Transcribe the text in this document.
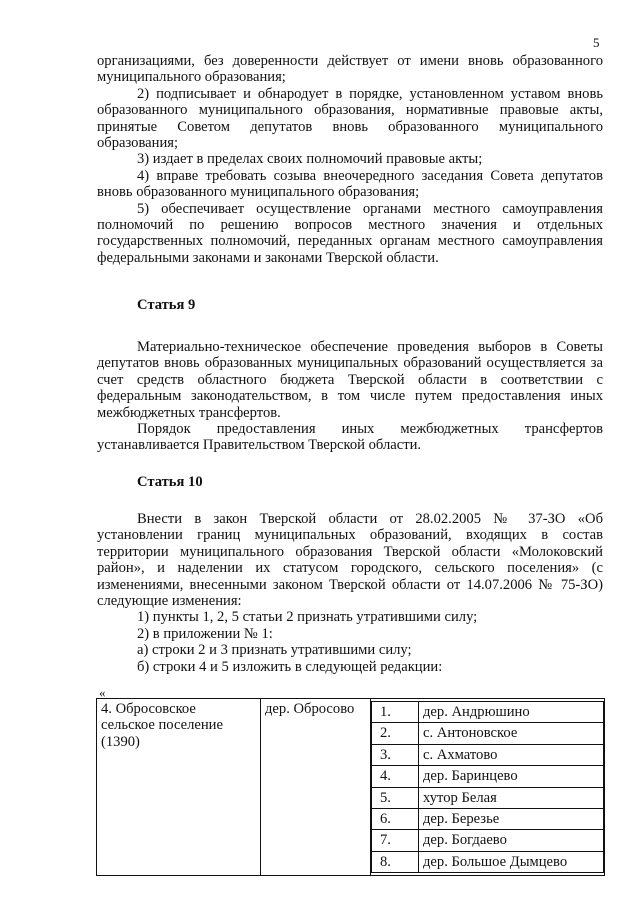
5

организациями, без доверенности действует от имени вновь образованного муниципального образования;

2) подписывает и обнародует в порядке, установленном уставом вновь образованного муниципального образования, нормативные правовые акты, принятые Советом депутатов вновь образованного муниципального образования;

3) издает в пределах своих полномочий правовые акты;

4) вправе требовать созыва внеочередного заседания Совета депутатов вновь образованного муниципального образования;

5) обеспечивает осуществление органами местного самоуправления полномочий по решению вопросов местного значения и отдельных государственных полномочий, переданных органам местного самоуправления федеральными законами и законами Тверской области.

Статья 9

Материально-техническое обеспечение проведения выборов в Советы депутатов вновь образованных муниципальных образований осуществляется за счет средств областного бюджета Тверской области в соответствии с федеральным законодательством, в том числе путем предоставления иных межбюджетных трансфертов.

Порядок предоставления иных межбюджетных трансфертов устанавливается Правительством Тверской области.

Статья 10

Внести в закон Тверской области от 28.02.2005 № 37-ЗО «Об установлении границ муниципальных образований, входящих в состав территории муниципального образования Тверской области «Молоковский район», и наделении их статусом городского, сельского поселения» (с изменениями, внесенными законом Тверской области от 14.07.2006 № 75-ЗО) следующие изменения:

1) пункты 1, 2, 5 статьи 2 признать утратившими силу;

2) в приложении № 1:

а) строки 2 и 3 признать утратившими силу;

б) строки 4 и 5 изложить в следующей редакции:

«
4. Обросовское
сельское поселение
(1390)
	дер. Обросово	1.	дер. Андрюшино
2.	с. Антоновское
3.	с. Ахматово
4.	дер. Баринцево
5.	хутор Белая
6.	дер. Березье
7.	дер. Богдаево
8.	дер. Большое Дымцево
